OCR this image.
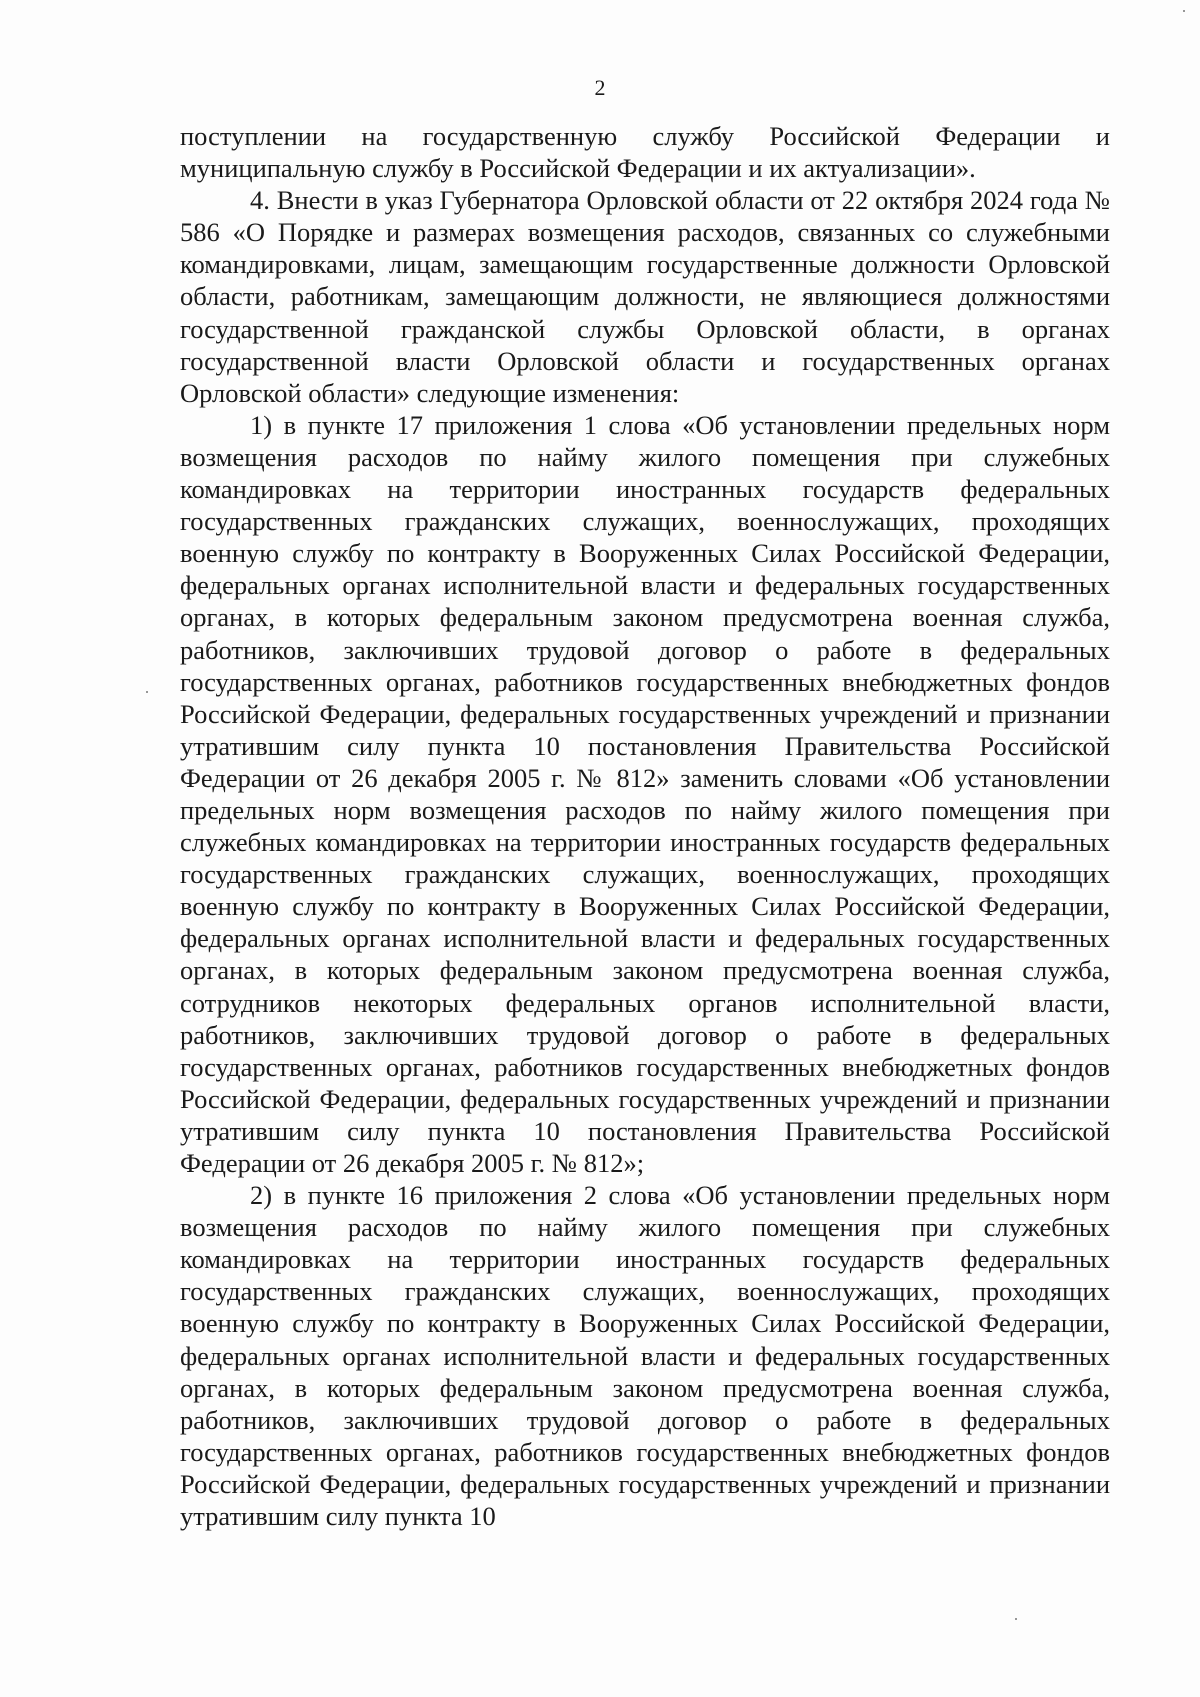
2

поступлении на государственную службу Российской Федерации и муниципальную службу в Российской Федерации и их актуализации».

4. Внести в указ Губернатора Орловской области от 22 октября 2024 года № 586 «О Порядке и размерах возмещения расходов, связанных со служебными командировками, лицам, замещающим государственные должности Орловской области, работникам, замещающим должности, не являющиеся должностями государственной гражданской службы Орловской области, в органах государственной власти Орловской области и государственных органах Орловской области» следующие изменения:

1) в пункте 17 приложения 1 слова «Об установлении предельных норм возмещения расходов по найму жилого помещения при служебных командировках на территории иностранных государств федеральных государственных гражданских служащих, военнослужащих, проходящих военную службу по контракту в Вооруженных Силах Российской Федерации, федеральных органах исполнительной власти и федеральных государственных органах, в которых федеральным законом предусмотрена военная служба, работников, заключивших трудовой договор о работе в федеральных государственных органах, работников государственных внебюджетных фондов Российской Федерации, федеральных государственных учреждений и признании утратившим силу пункта 10 постановления Правительства Российской Федерации от 26 декабря 2005 г. № 812» заменить словами «Об установлении предельных норм возмещения расходов по найму жилого помещения при служебных командировках на территории иностранных государств федеральных государственных гражданских служащих, военнослужащих, проходящих военную службу по контракту в Вооруженных Силах Российской Федерации, федеральных органах исполнительной власти и федеральных государственных органах, в которых федеральным законом предусмотрена военная служба, сотрудников некоторых федеральных органов исполнительной власти, работников, заключивших трудовой договор о работе в федеральных государственных органах, работников государственных внебюджетных фондов Российской Федерации, федеральных государственных учреждений и признании утратившим силу пункта 10 постановления Правительства Российской Федерации от 26 декабря 2005 г. № 812»;

2) в пункте 16 приложения 2 слова «Об установлении предельных норм возмещения расходов по найму жилого помещения при служебных командировках на территории иностранных государств федеральных государственных гражданских служащих, военнослужащих, проходящих военную службу по контракту в Вооруженных Силах Российской Федерации, федеральных органах исполнительной власти и федеральных государственных органах, в которых федеральным законом предусмотрена военная служба, работников, заключивших трудовой договор о работе в федеральных государственных органах, работников государственных внебюджетных фондов Российской Федерации, федеральных государственных учреждений и признании утратившим силу пункта 10
